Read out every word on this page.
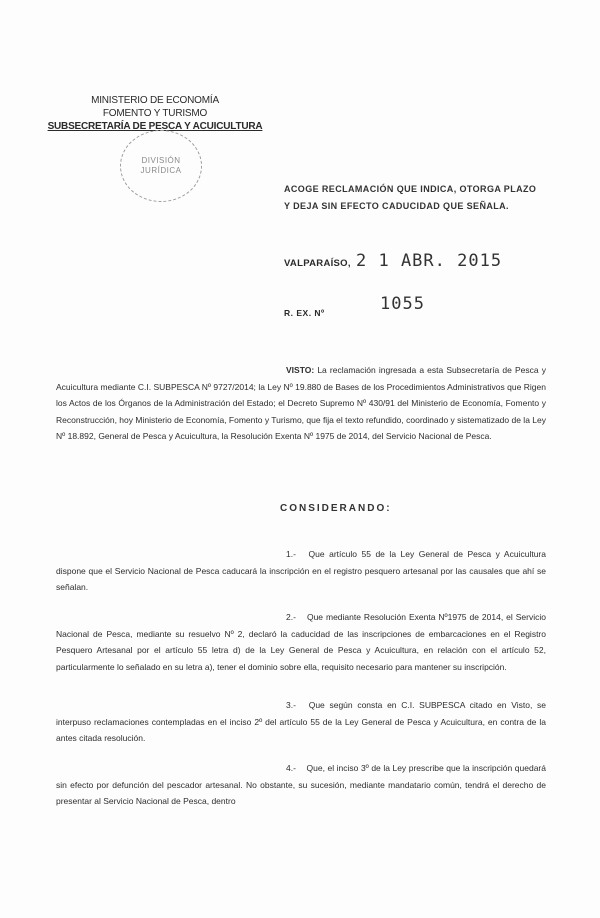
MINISTERIO DE ECONOMÍA
FOMENTO Y TURISMO
SUBSECRETARÍA DE PESCA Y ACUICULTURA
DIVISIÓN
JURÍDICA
ACOGE RECLAMACIÓN QUE INDICA, OTORGA PLAZO Y DEJA SIN EFECTO CADUCIDAD QUE SEÑALA.
VALPARAÍSO, 2 1 ABR. 2015
R. EX. Nº	1055
VISTO: La reclamación ingresada a esta Subsecretaría de Pesca y Acuicultura mediante C.I. SUBPESCA Nº 9727/2014; la Ley Nº 19.880 de Bases de los Procedimientos Administrativos que Rigen los Actos de los Órganos de la Administración del Estado; el Decreto Supremo Nº 430/91 del Ministerio de Economía, Fomento y Reconstrucción, hoy Ministerio de Economía, Fomento y Turismo, que fija el texto refundido, coordinado y sistematizado de la Ley Nº 18.892, General de Pesca y Acuicultura, la Resolución Exenta Nº 1975 de 2014, del Servicio Nacional de Pesca.
CONSIDERANDO:
1.- Que artículo 55 de la Ley General de Pesca y Acuicultura dispone que el Servicio Nacional de Pesca caducará la inscripción en el registro pesquero artesanal por las causales que ahí se señalan.
2.- Que mediante Resolución Exenta Nº1975 de 2014, el Servicio Nacional de Pesca, mediante su resuelvo Nº 2, declaró la caducidad de las inscripciones de embarcaciones en el Registro Pesquero Artesanal por el artículo 55 letra d) de la Ley General de Pesca y Acuicultura, en relación con el artículo 52, particularmente lo señalado en su letra a), tener el dominio sobre ella, requisito necesario para mantener su inscripción.
3.- Que según consta en C.I. SUBPESCA citado en Visto, se interpuso reclamaciones contempladas en el inciso 2º del artículo 55 de la Ley General de Pesca y Acuicultura, en contra de la antes citada resolución.
4.- Que, el inciso 3º de la Ley prescribe que la inscripción quedará sin efecto por defunción del pescador artesanal. No obstante, su sucesión, mediante mandatario común, tendrá el derecho de presentar al Servicio Nacional de Pesca, dentro
